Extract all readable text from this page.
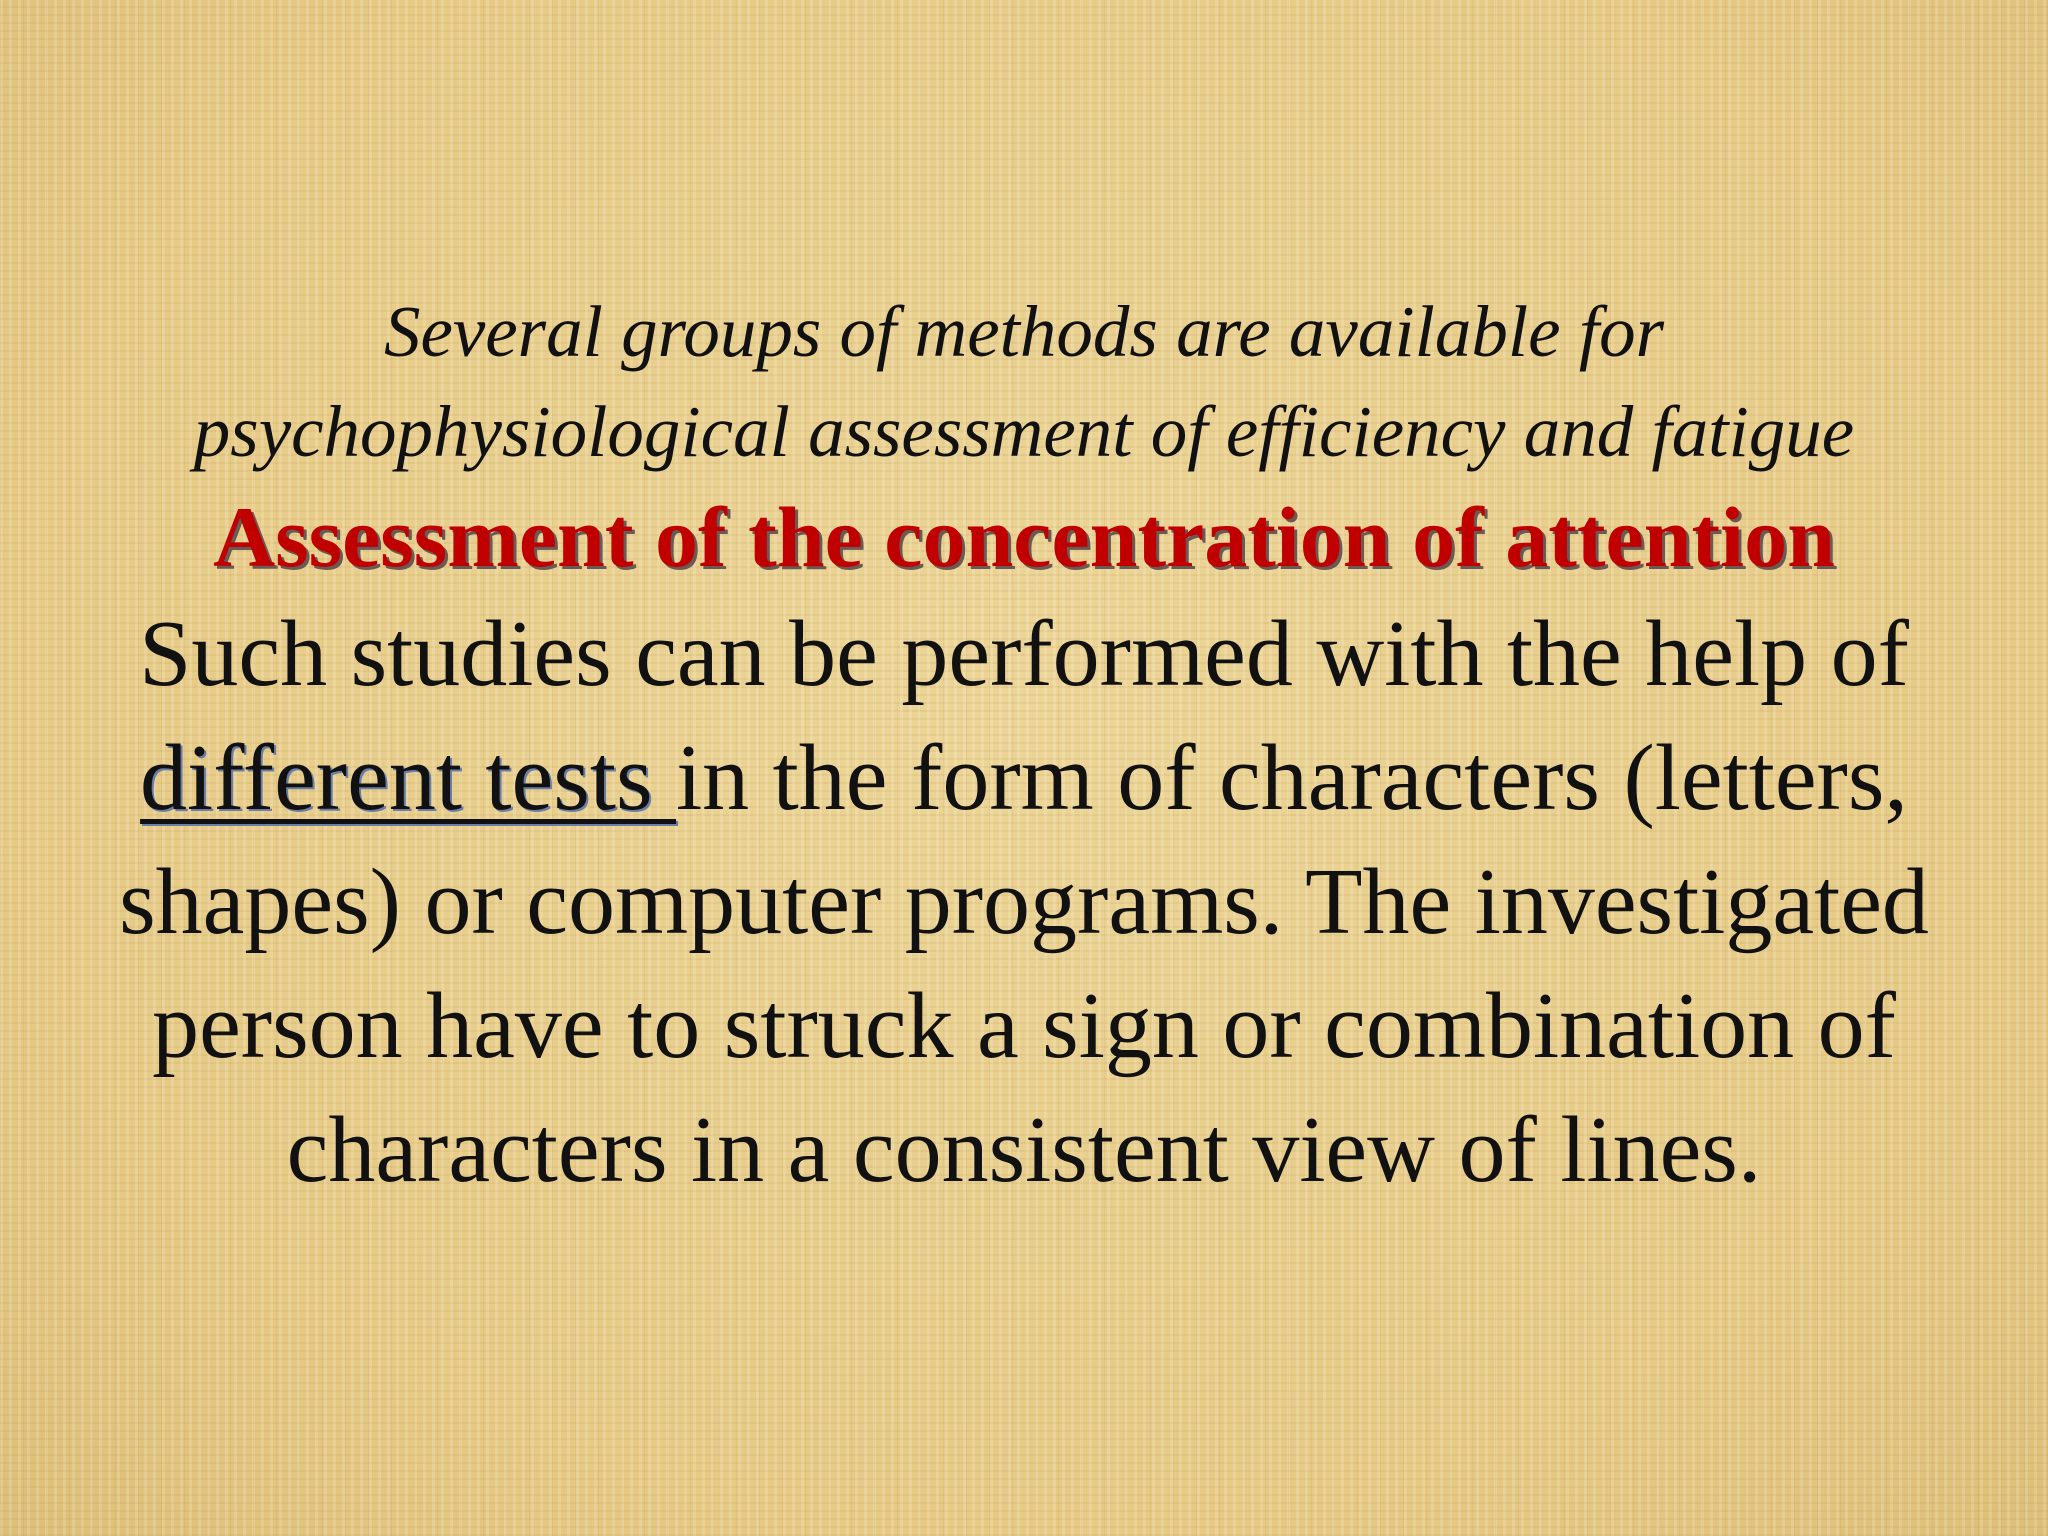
Several groups of methods are available for
psychophysiological assessment of efficiency and fatigue

Assessment of the concentration of attention

Such studies can be performed with the help of
different tests in the form of characters (letters,
shapes) or computer programs. The investigated
person have to struck a sign or combination of
characters in a consistent view of lines.
